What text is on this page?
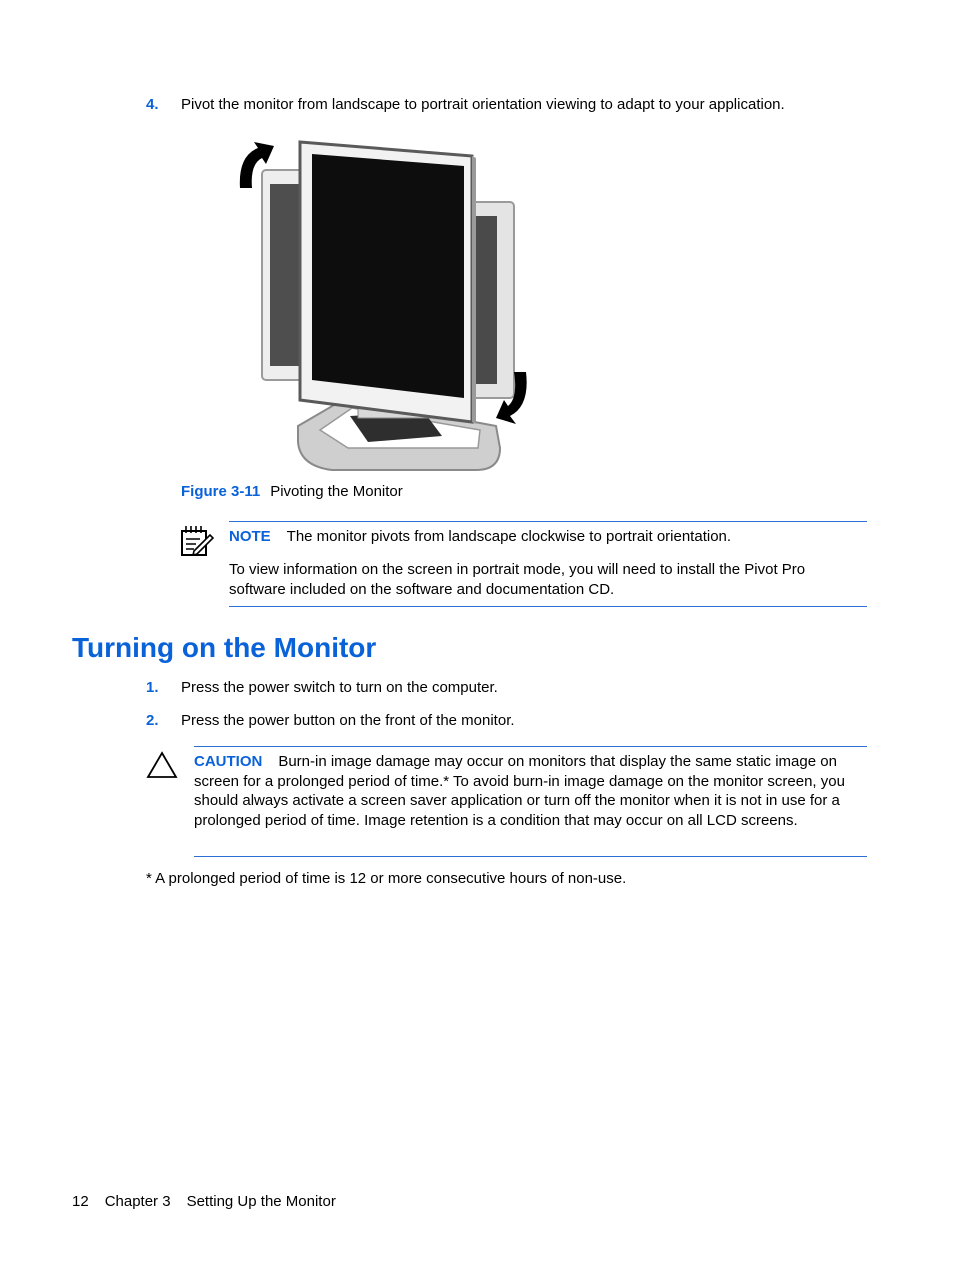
4. Pivot the monitor from landscape to portrait orientation viewing to adapt to your application.
Figure 3-11 Pivoting the Monitor
NOTE The monitor pivots from landscape clockwise to portrait orientation.
To view information on the screen in portrait mode, you will need to install the Pivot Pro software included on the software and documentation CD.
Turning on the Monitor
1. Press the power switch to turn on the computer.
2. Press the power button on the front of the monitor.
CAUTION Burn-in image damage may occur on monitors that display the same static image on screen for a prolonged period of time.* To avoid burn-in image damage on the monitor screen, you should always activate a screen saver application or turn off the monitor when it is not in use for a prolonged period of time. Image retention is a condition that may occur on all LCD screens.
* A prolonged period of time is 12 or more consecutive hours of non-use.
12 Chapter 3 Setting Up the Monitor
